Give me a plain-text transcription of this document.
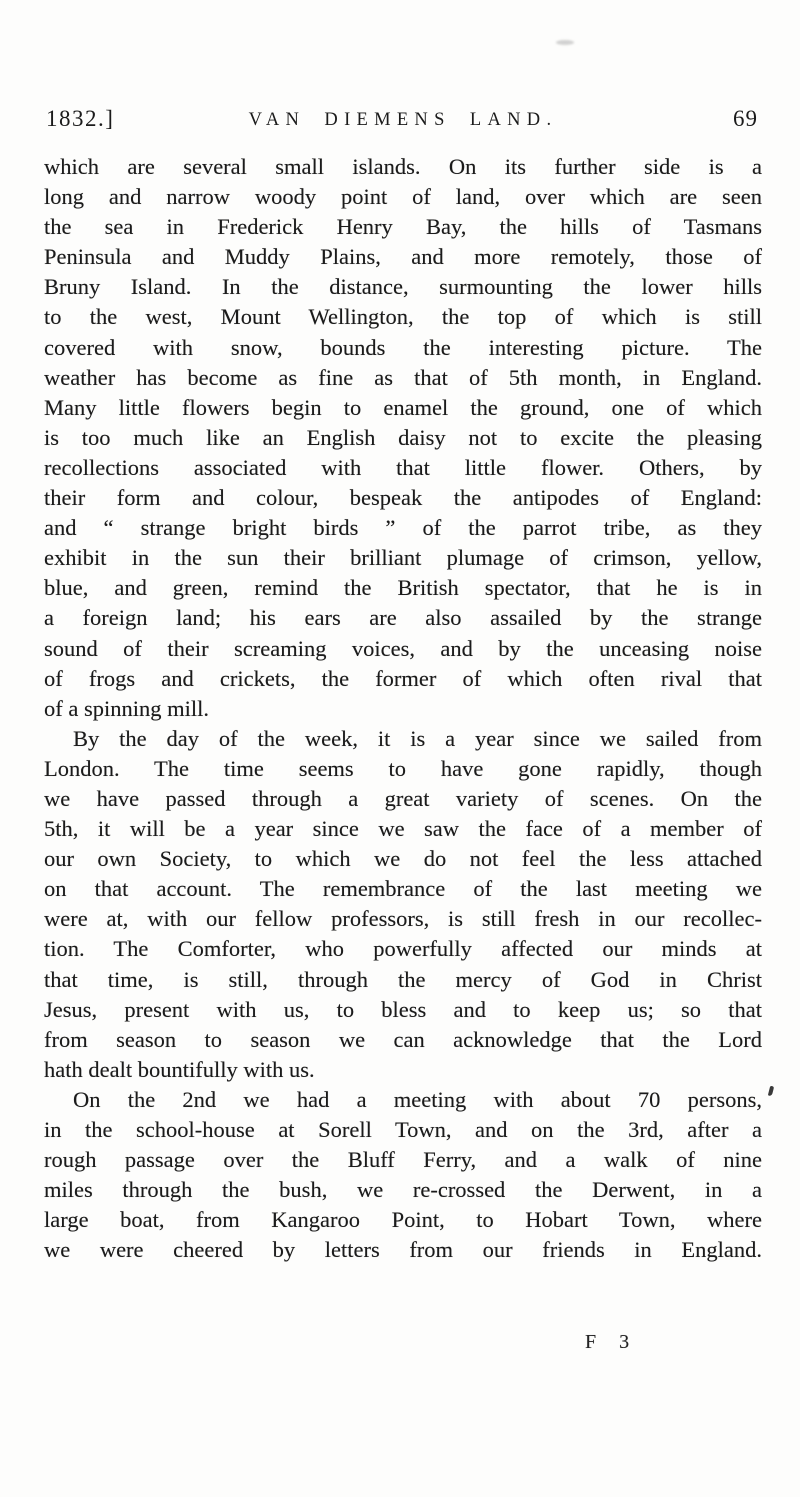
1832.]	VAN DIEMENS LAND.	69
which are several small islands. On its further side is a
long and narrow woody point of land, over which are seen
the sea in Frederick Henry Bay, the hills of Tasmans
Peninsula and Muddy Plains, and more remotely, those of
Bruny Island. In the distance, surmounting the lower hills
to the west, Mount Wellington, the top of which is still
covered with snow, bounds the interesting picture. The
weather has become as fine as that of 5th month, in England.
Many little flowers begin to enamel the ground, one of which
is too much like an English daisy not to excite the pleasing
recollections associated with that little flower. Others, by
their form and colour, bespeak the antipodes of England:
and “ strange bright birds ” of the parrot tribe, as they
exhibit in the sun their brilliant plumage of crimson, yellow,
blue, and green, remind the British spectator, that he is in
a foreign land; his ears are also assailed by the strange
sound of their screaming voices, and by the unceasing noise
of frogs and crickets, the former of which often rival that
of a spinning mill.
By the day of the week, it is a year since we sailed from
London. The time seems to have gone rapidly, though
we have passed through a great variety of scenes. On the
5th, it will be a year since we saw the face of a member of
our own Society, to which we do not feel the less attached
on that account. The remembrance of the last meeting we
were at, with our fellow professors, is still fresh in our recollec-
tion. The Comforter, who powerfully affected our minds at
that time, is still, through the mercy of God in Christ
Jesus, present with us, to bless and to keep us; so that
from season to season we can acknowledge that the Lord
hath dealt bountifully with us.
On the 2nd we had a meeting with about 70 persons,
in the school-house at Sorell Town, and on the 3rd, after a
rough passage over the Bluff Ferry, and a walk of nine
miles through the bush, we re-crossed the Derwent, in a
large boat, from Kangaroo Point, to Hobart Town, where
we were cheered by letters from our friends in England.
F 3
